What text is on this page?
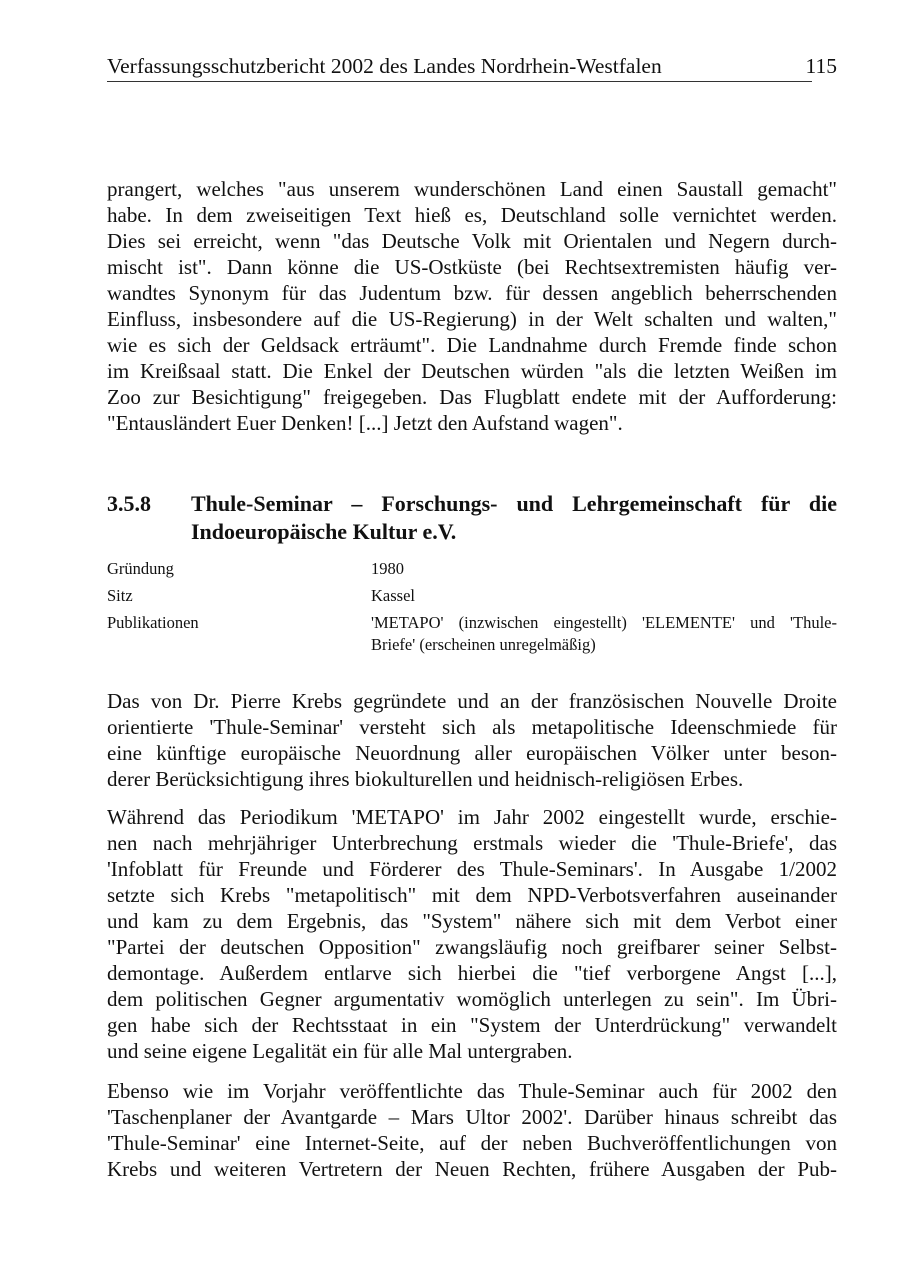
Verfassungsschutzbericht 2002 des Landes Nordrhein-Westfalen	115

prangert, welches "aus unserem wunderschönen Land einen Saustall gemacht"
habe. In dem zweiseitigen Text hieß es, Deutschland solle vernichtet werden.
Dies sei erreicht, wenn "das Deutsche Volk mit Orientalen und Negern durch-
mischt ist". Dann könne die US-Ostküste (bei Rechtsextremisten häufig ver-
wandtes Synonym für das Judentum bzw. für dessen angeblich beherrschenden
Einfluss, insbesondere auf die US-Regierung) in der Welt schalten und walten,"
wie es sich der Geldsack erträumt". Die Landnahme durch Fremde finde schon
im Kreißsaal statt. Die Enkel der Deutschen würden "als die letzten Weißen im
Zoo zur Besichtigung" freigegeben. Das Flugblatt endete mit der Aufforderung:
"Entausländert Euer Denken! [...] Jetzt den Aufstand wagen".

3.5.8 Thule-Seminar – Forschungs- und Lehrgemeinschaft für die
Indoeuropäische Kultur e.V.
Gründung	1980
Sitz	Kassel
Publikationen	'METAPO' (inzwischen eingestellt) 'ELEMENTE' und 'Thule-
Briefe' (erscheinen unregelmäßig)

Das von Dr. Pierre Krebs gegründete und an der französischen Nouvelle Droite
orientierte 'Thule-Seminar' versteht sich als metapolitische Ideenschmiede für
eine künftige europäische Neuordnung aller europäischen Völker unter beson-
derer Berücksichtigung ihres biokulturellen und heidnisch-religiösen Erbes.

Während das Periodikum 'METAPO' im Jahr 2002 eingestellt wurde, erschie-
nen nach mehrjähriger Unterbrechung erstmals wieder die 'Thule-Briefe', das
'Infoblatt für Freunde und Förderer des Thule-Seminars'. In Ausgabe 1/2002
setzte sich Krebs "metapolitisch" mit dem NPD-Verbotsverfahren auseinander
und kam zu dem Ergebnis, das "System" nähere sich mit dem Verbot einer
"Partei der deutschen Opposition" zwangsläufig noch greifbarer seiner Selbst-
demontage. Außerdem entlarve sich hierbei die "tief verborgene Angst [...],
dem politischen Gegner argumentativ womöglich unterlegen zu sein". Im Übri-
gen habe sich der Rechtsstaat in ein "System der Unterdrückung" verwandelt
und seine eigene Legalität ein für alle Mal untergraben.

Ebenso wie im Vorjahr veröffentlichte das Thule-Seminar auch für 2002 den
'Taschenplaner der Avantgarde – Mars Ultor 2002'. Darüber hinaus schreibt das
'Thule-Seminar' eine Internet-Seite, auf der neben Buchveröffentlichungen von
Krebs und weiteren Vertretern der Neuen Rechten, frühere Ausgaben der Pub-
